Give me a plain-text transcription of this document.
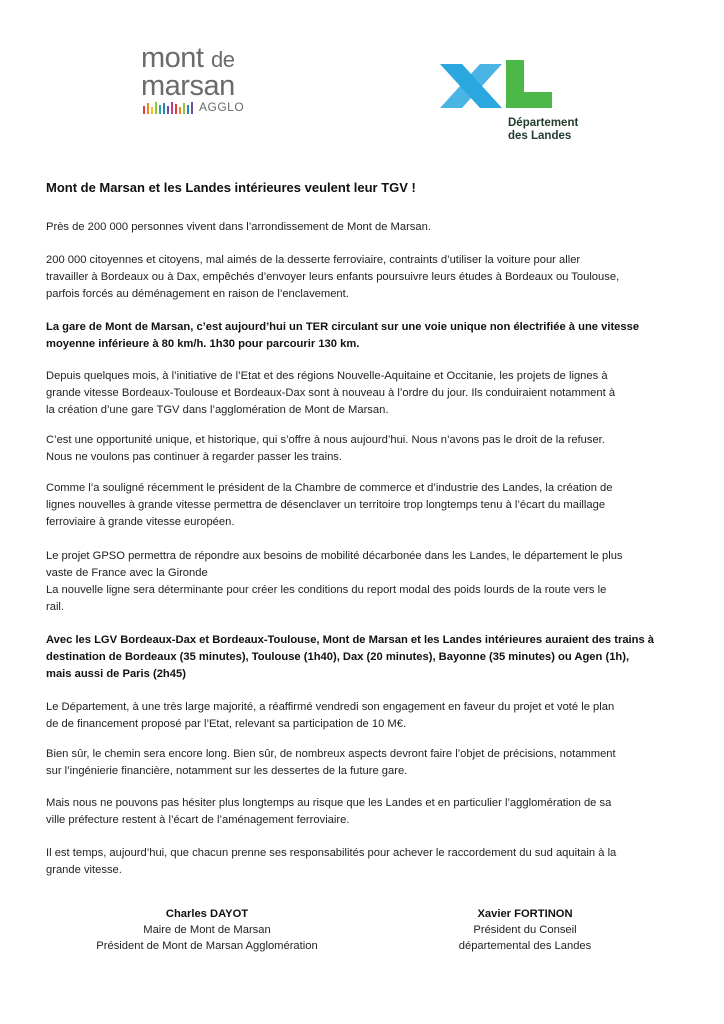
mont de
marsan
AGGLO
Département
des Landes
Mont de Marsan et les Landes intérieures veulent leur TGV !
Près de 200 000 personnes vivent dans l’arrondissement de Mont de Marsan.
200 000 citoyennes et citoyens, mal aimés de la desserte ferroviaire, contraints d’utiliser la voiture pour aller
travailler à Bordeaux ou à Dax, empêchés d’envoyer leurs enfants poursuivre leurs études à Bordeaux ou Toulouse,
parfois forcés au déménagement en raison de l’enclavement.
La gare de Mont de Marsan, c’est aujourd’hui un TER circulant sur une voie unique non électrifiée à une vitesse
moyenne inférieure à 80 km/h. 1h30 pour parcourir 130 km.
Depuis quelques mois, à l’initiative de l’Etat et des régions Nouvelle-Aquitaine et Occitanie, les projets de lignes à
grande vitesse Bordeaux-Toulouse et Bordeaux-Dax sont à nouveau à l’ordre du jour. Ils conduiraient notamment à
la création d’une gare TGV dans l’agglomération de Mont de Marsan.
C’est une opportunité unique, et historique, qui s’offre à nous aujourd’hui. Nous n’avons pas le droit de la refuser.
Nous ne voulons pas continuer à regarder passer les trains.
Comme l’a souligné récemment le président de la Chambre de commerce et d’industrie des Landes, la création de
lignes nouvelles à grande vitesse permettra de désenclaver un territoire trop longtemps tenu à l’écart du maillage
ferroviaire à grande vitesse européen.
Le projet GPSO permettra de répondre aux besoins de mobilité décarbonée dans les Landes, le département le plus
vaste de France avec la Gironde
La nouvelle ligne sera déterminante pour créer les conditions du report modal des poids lourds de la route vers le
rail.
Avec les LGV Bordeaux-Dax et Bordeaux-Toulouse, Mont de Marsan et les Landes intérieures auraient des trains à
destination de Bordeaux (35 minutes), Toulouse (1h40), Dax (20 minutes), Bayonne (35 minutes) ou Agen (1h),
mais aussi de Paris (2h45)
Le Département, à une très large majorité, a réaffirmé vendredi son engagement en faveur du projet et voté le plan
de de financement proposé par l’Etat, relevant sa participation de 10 M€.
Bien sûr, le chemin sera encore long. Bien sûr, de nombreux aspects devront faire l’objet de précisions, notamment
sur l’ingénierie financière, notamment sur les dessertes de la future gare.
Mais nous ne pouvons pas hésiter plus longtemps au risque que les Landes et en particulier l’agglomération de sa
ville préfecture restent à l’écart de l’aménagement ferroviaire.
Il est temps, aujourd’hui, que chacun prenne ses responsabilités pour achever le raccordement du sud aquitain à la
grande vitesse.
Charles DAYOT
Maire de Mont de Marsan
Président de Mont de Marsan Agglomération
Xavier FORTINON
Président du Conseil
départemental des Landes
